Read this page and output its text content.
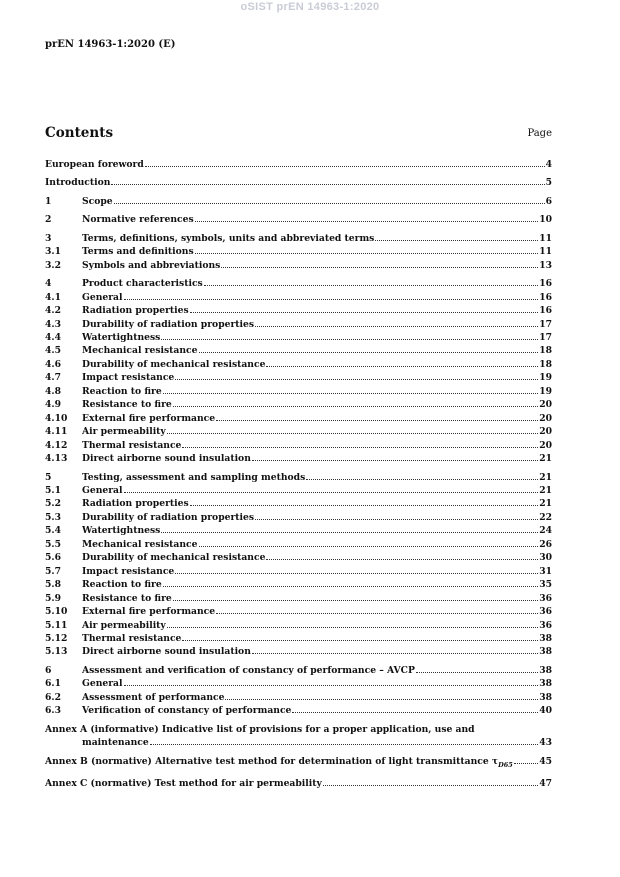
oSIST prEN 14963-1:2020
prEN 14963-1:2020 (E)
Contents	Page
European foreword	4
Introduction	5
1	Scope	6
2	Normative references	10
3	Terms, definitions, symbols, units and abbreviated terms	11
3.1	Terms and definitions	11
3.2	Symbols and abbreviations	13
4	Product characteristics	16
4.1	General	16
4.2	Radiation properties	16
4.3	Durability of radiation properties	17
4.4	Watertightness	17
4.5	Mechanical resistance	18
4.6	Durability of mechanical resistance	18
4.7	Impact resistance	19
4.8	Reaction to fire	19
4.9	Resistance to fire	20
4.10	External fire performance	20
4.11	Air permeability	20
4.12	Thermal resistance	20
4.13	Direct airborne sound insulation	21
5	Testing, assessment and sampling methods	21
5.1	General	21
5.2	Radiation properties	21
5.3	Durability of radiation properties	22
5.4	Watertightness	24
5.5	Mechanical resistance	26
5.6	Durability of mechanical resistance	30
5.7	Impact resistance	31
5.8	Reaction to fire	35
5.9	Resistance to fire	36
5.10	External fire performance	36
5.11	Air permeability	36
5.12	Thermal resistance	38
5.13	Direct airborne sound insulation	38
6	Assessment and verification of constancy of performance – AVCP	38
6.1	General	38
6.2	Assessment of performance	38
6.3	Verification of constancy of performance	40
Annex A (informative) Indicative list of provisions for a proper application, use and
maintenance	43
Annex B (normative) Alternative test method for determination of light transmittance $\tau_{D65}$	45
Annex C (normative) Test method for air permeability	47
